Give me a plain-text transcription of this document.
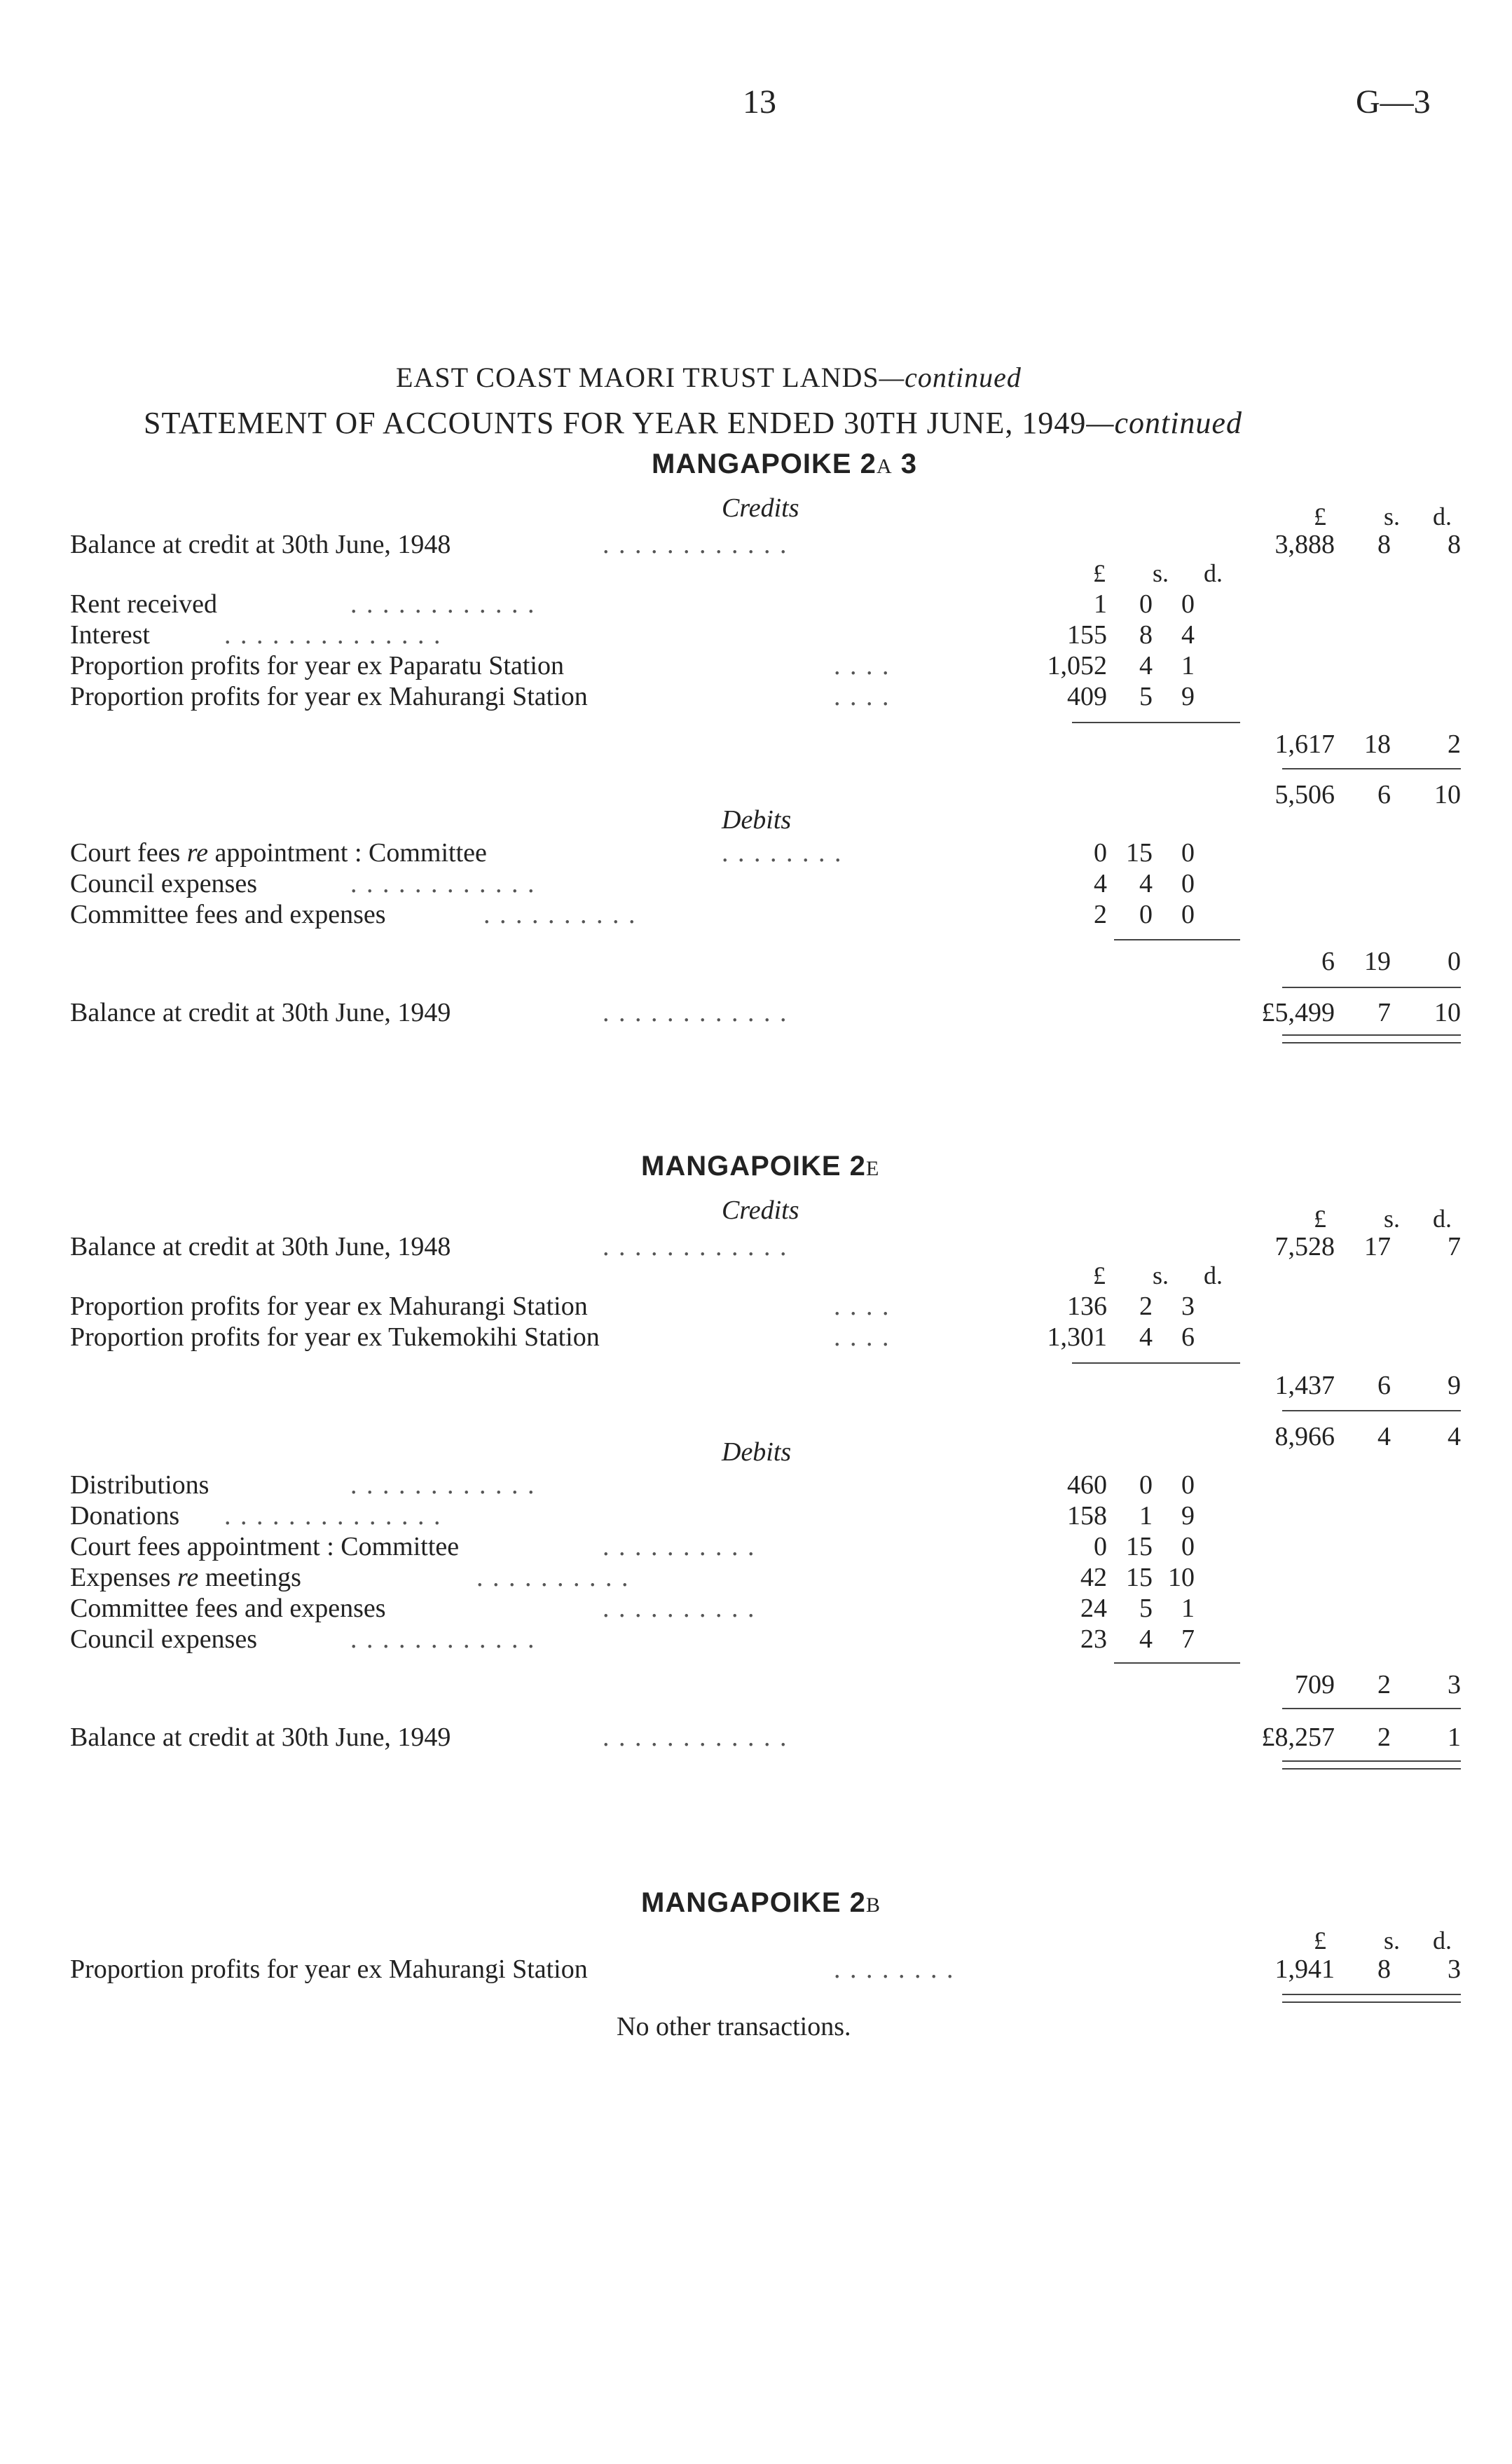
13	G—3
EAST COAST MAORI TRUST LANDS—continued
STATEMENT OF ACCOUNTS FOR YEAR ENDED 30TH JUNE, 1949—continued
MANGAPOIKE 2A 3
Credits	£ s. d.
Balance at credit at 30th June, 1948	. . . . . . . . . . . .	3,888 8 8
£ s. d.
Rent received	. . . . . . . . . . . .	1 0 0
Interest	. . . . . . . . . . . . . .	155 8 4
Proportion profits for year ex Paparatu Station	. . . .	1,052 4 1
Proportion profits for year ex Mahurangi Station	. . . .	409 5 9
1,617 18 2
5,506 6 10
Debits
Court fees re appointment : Committee	. . . . . . . .	0 15 0
Council expenses	. . . . . . . . . . . .	4 4 0
Committee fees and expenses	. . . . . . . . . .	2 0 0
6 19 0
Balance at credit at 30th June, 1949	. . . . . . . . . . . .	£5,499 7 10
MANGAPOIKE 2E
Credits	£ s. d.
Balance at credit at 30th June, 1948	. . . . . . . . . . . .	7,528 17 7
£ s. d.
Proportion profits for year ex Mahurangi Station	. . . .	136 2 3
Proportion profits for year ex Tukemokihi Station	. . . .	1,301 4 6
1,437 6 9
8,966 4 4
Debits
Distributions	. . . . . . . . . . . .	460 0 0
Donations . . . . . . . . . . . . . .	158 1 9
Court fees appointment : Committee	. . . . . . . . . .	0 15 0
Expenses re meetings	. . . . . . . . . .	42 15 10
Committee fees and expenses	. . . . . . . . . .	24 5 1
Council expenses	. . . . . . . . . . . .	23 4 7
709 2 3
Balance at credit at 30th June, 1949	. . . . . . . . . . . .	£8,257 2 1
MANGAPOIKE 2B
£ s. d.
Proportion profits for year ex Mahurangi Station	. . . . . . . .	1,941 8 3
No other transactions.
